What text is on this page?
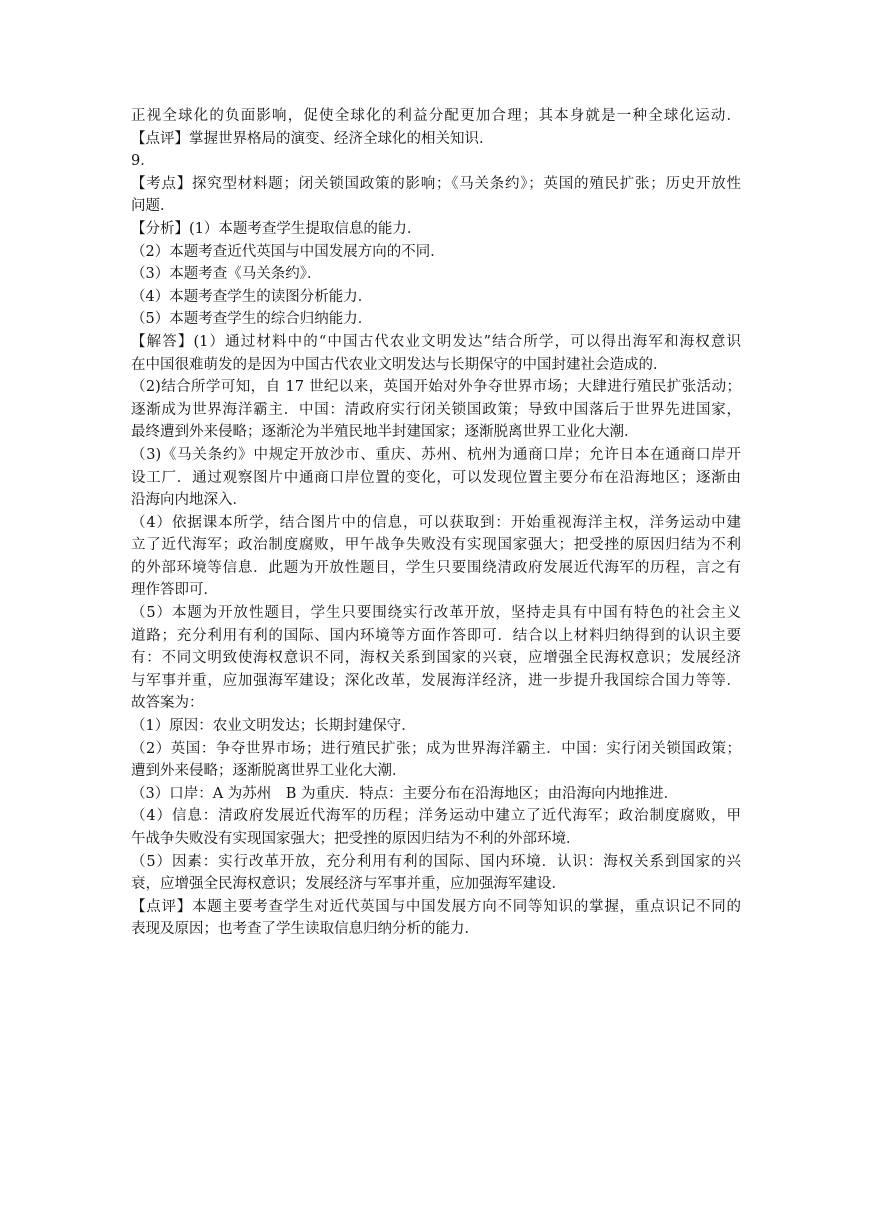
正视全球化的负面影响，促使全球化的利益分配更加合理；其本身就是一种全球化运动．

【点评】掌握世界格局的演变、经济全球化的相关知识．

9．

【考点】探究型材料题；闭关锁国政策的影响；《马关条约》；英国的殖民扩张；历史开放性

问题．

【分析】(1）本题考查学生提取信息的能力．

（2）本题考查近代英国与中国发展方向的不同．

（3）本题考查《马关条约》．

（4）本题考查学生的读图分析能力．

（5）本题考查学生的综合归纳能力．

【解答】(1）通过材料中的“中国古代农业文明发达”结合所学，可以得出海军和海权意识

在中国很难萌发的是因为中国古代农业文明发达与长期保守的中国封建社会造成的．

（2)结合所学可知，自 17 世纪以来，英国开始对外争夺世界市场；大肆进行殖民扩张活动；

逐渐成为世界海洋霸主．中国：清政府实行闭关锁国政策；导致中国落后于世界先进国家，

最终遭到外来侵略；逐渐沦为半殖民地半封建国家；逐渐脱离世界工业化大潮．

（3)《马关条约》中规定开放沙市、重庆、苏州、杭州为通商口岸；允许日本在通商口岸开

设工厂．通过观察图片中通商口岸位置的变化，可以发现位置主要分布在沿海地区；逐渐由

沿海向内地深入．

（4）依据课本所学，结合图片中的信息，可以获取到：开始重视海洋主权，洋务运动中建

立了近代海军；政治制度腐败，甲午战争失败没有实现国家强大；把受挫的原因归结为不利

的外部环境等信息．此题为开放性题目，学生只要围绕清政府发展近代海军的历程，言之有

理作答即可．

（5）本题为开放性题目，学生只要围绕实行改革开放，坚持走具有中国有特色的社会主义

道路；充分利用有利的国际、国内环境等方面作答即可．结合以上材料归纳得到的认识主要

有：不同文明致使海权意识不同，海权关系到国家的兴衰，应增强全民海权意识；发展经济

与军事并重，应加强海军建设；深化改革，发展海洋经济，进一步提升我国综合国力等等．

故答案为：

（1）原因：农业文明发达；长期封建保守．

（2）英国：争夺世界市场；进行殖民扩张；成为世界海洋霸主．中国：实行闭关锁国政策；

遭到外来侵略；逐渐脱离世界工业化大潮．

（3）口岸：A 为苏州　B 为重庆．特点：主要分布在沿海地区；由沿海向内地推进．

（4）信息：清政府发展近代海军的历程；洋务运动中建立了近代海军；政治制度腐败，甲

午战争失败没有实现国家强大；把受挫的原因归结为不利的外部环境．

（5）因素：实行改革开放，充分利用有利的国际、国内环境．认识：海权关系到国家的兴

衰，应增强全民海权意识；发展经济与军事并重，应加强海军建设．

【点评】本题主要考查学生对近代英国与中国发展方向不同等知识的掌握，重点识记不同的

表现及原因；也考查了学生读取信息归纳分析的能力．
